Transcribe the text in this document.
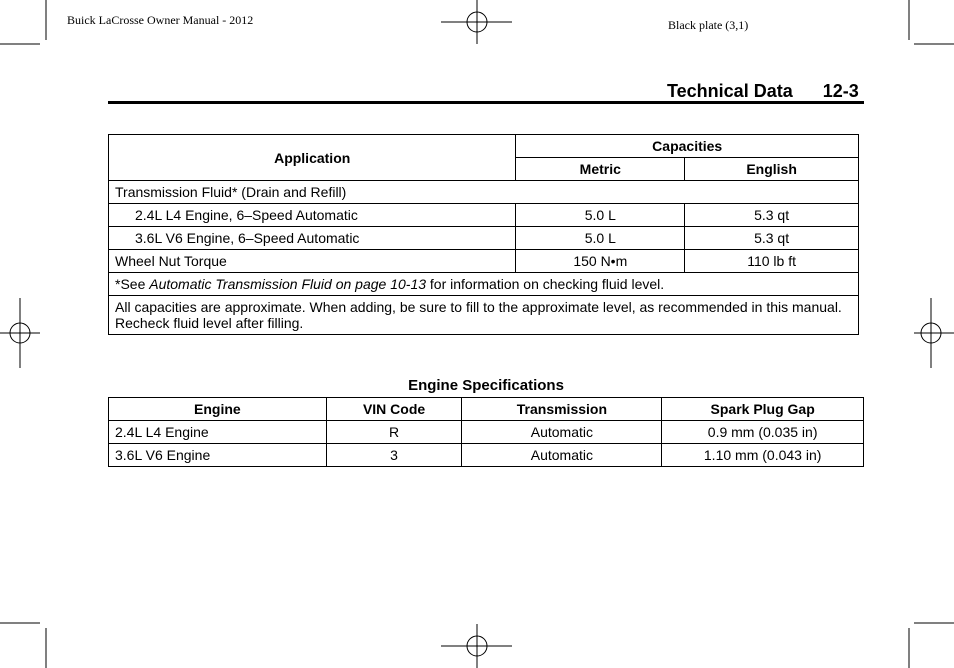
Buick LaCrosse Owner Manual - 2012	Black plate (3,1)
Technical Data 12-3
Application	Capacities	
	Metric	English
Transmission Fluid* (Drain and Refill)		
2.4L L4 Engine, 6–Speed Automatic	5.0 L	5.3 qt
3.6L V6 Engine, 6–Speed Automatic	5.0 L	5.3 qt
Wheel Nut Torque	150 N•m	110 lb ft
*See Automatic Transmission Fluid on page 10-13 for information on checking fluid level.		
All capacities are approximate. When adding, be sure to fill to the approximate level, as recommended in this manual. Recheck fluid level after filling.		
Engine Specifications
Engine	VIN Code	Transmission	Spark Plug Gap
2.4L L4 Engine	R	Automatic	0.9 mm (0.035 in)
3.6L V6 Engine	3	Automatic	1.10 mm (0.043 in)
